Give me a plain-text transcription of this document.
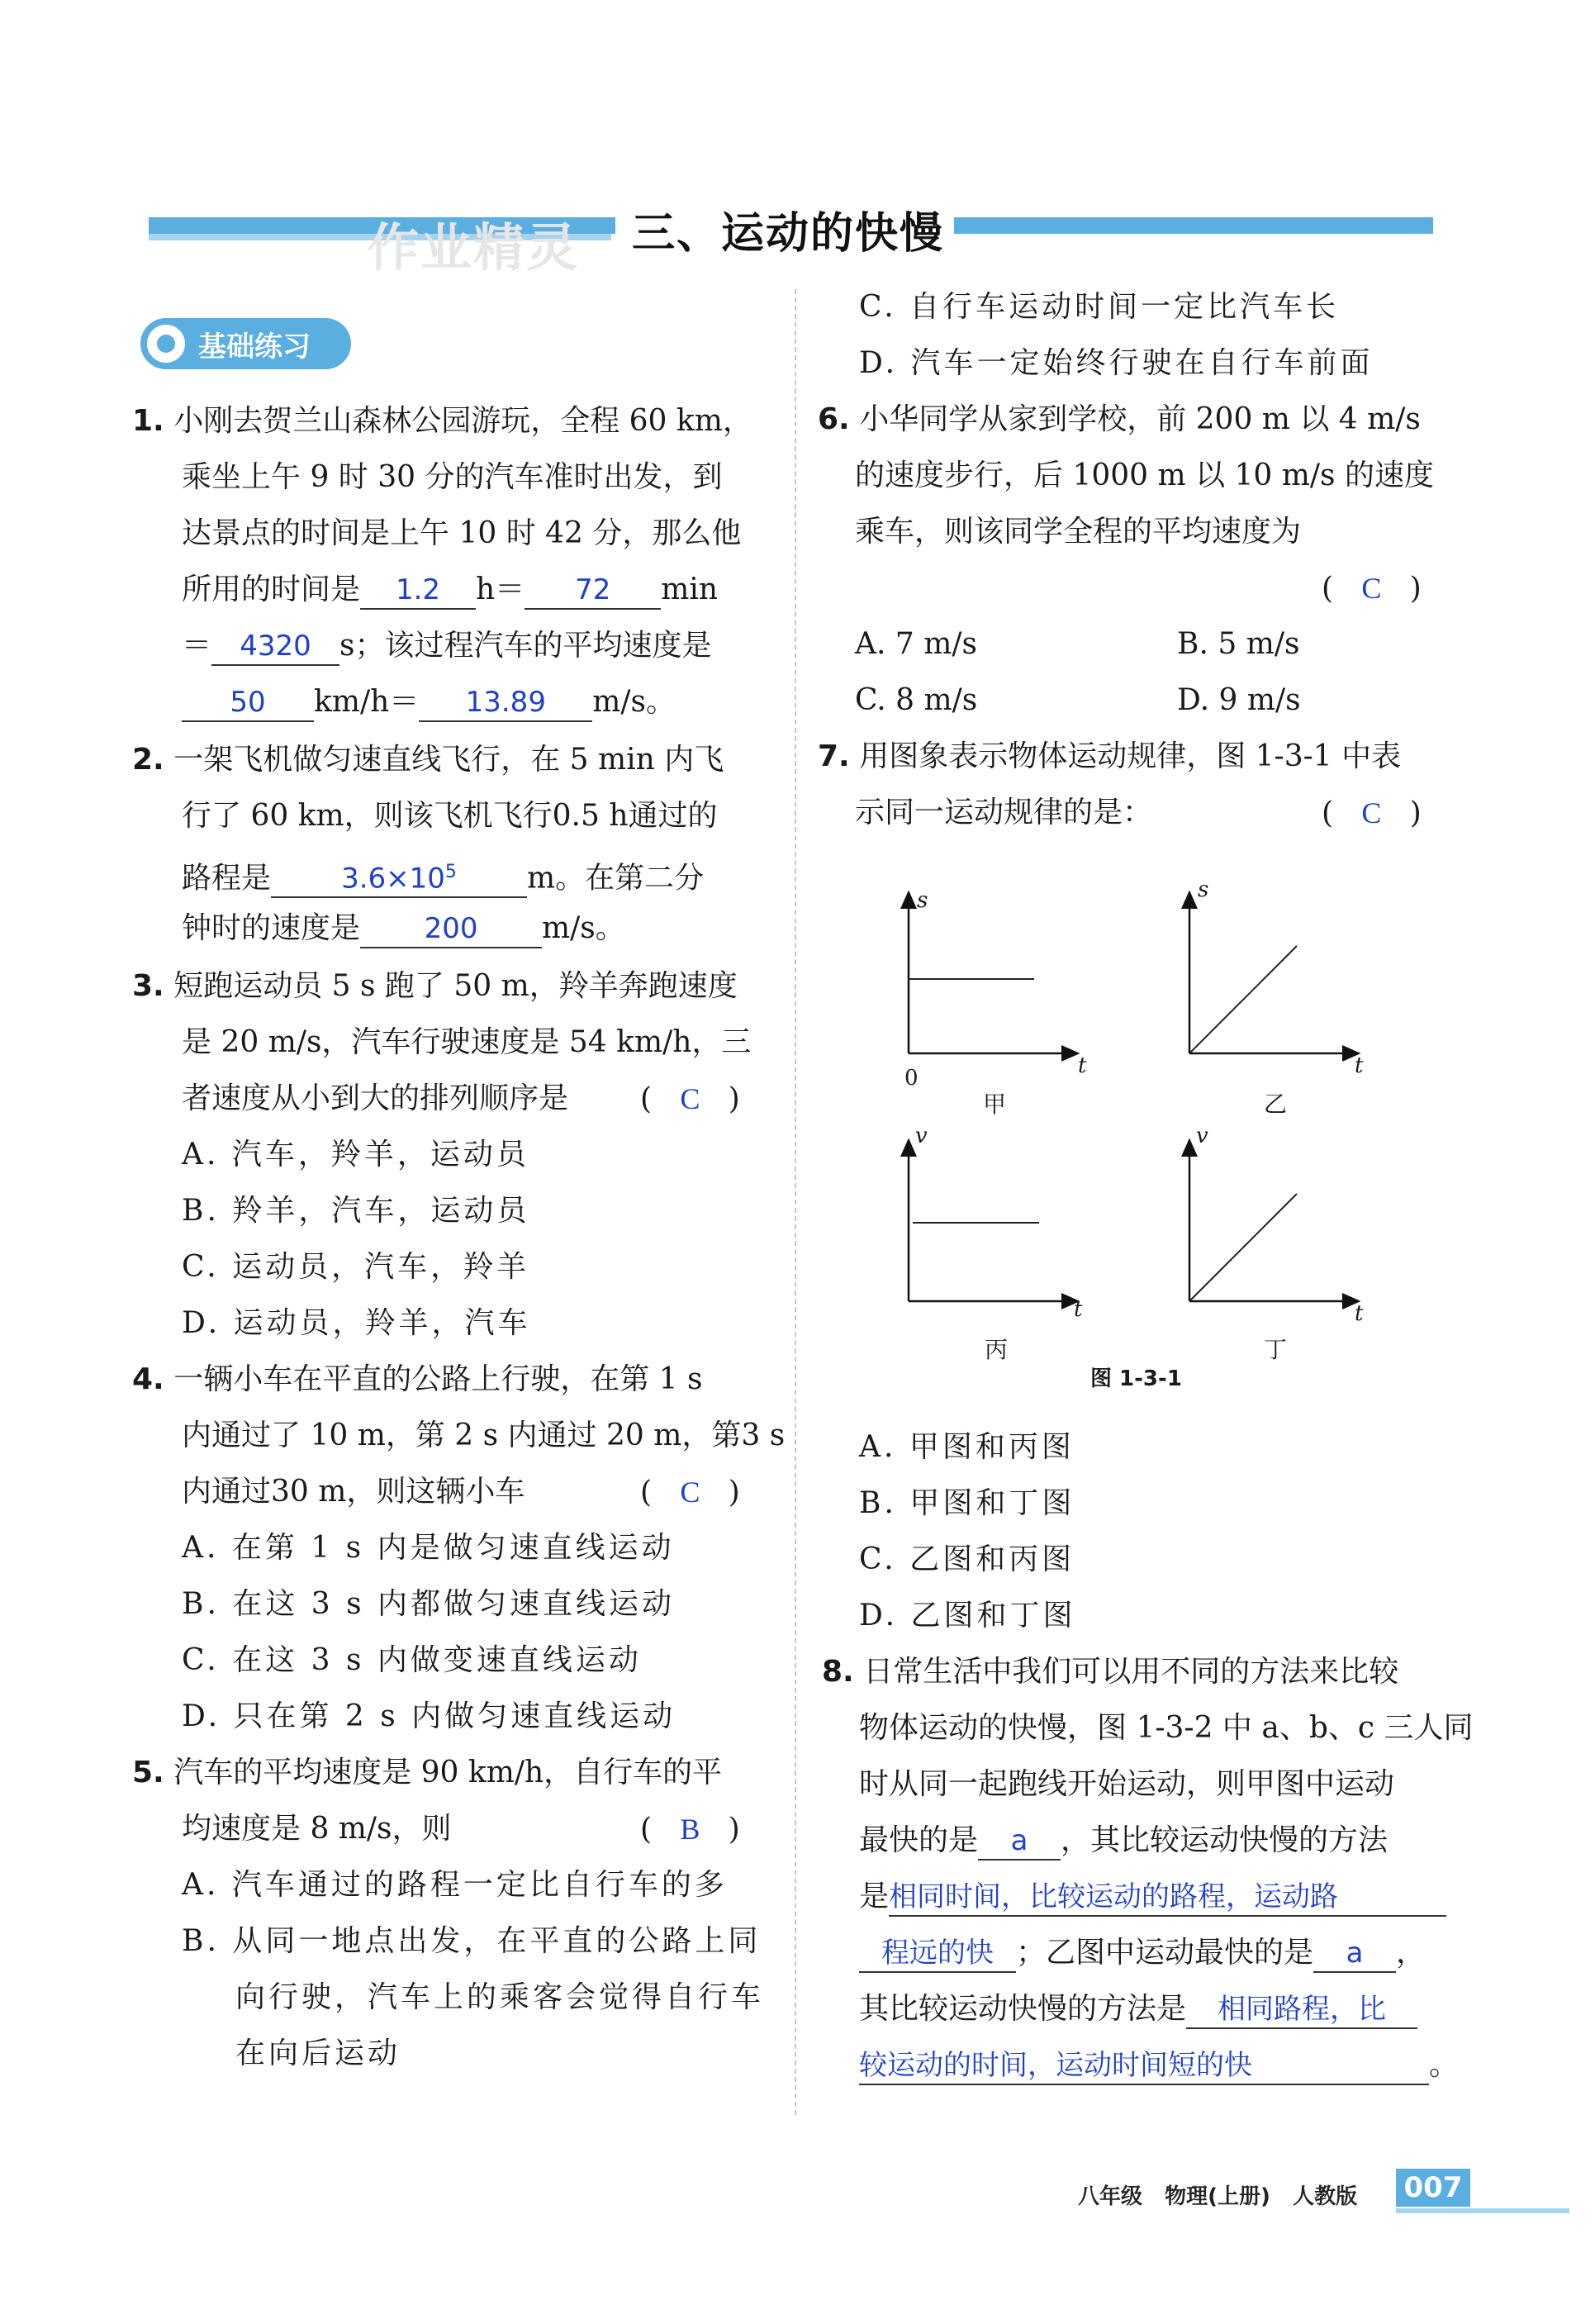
作业精灵 三、运动的快慢
基础练习
1. 小刚去贺兰山森林公园游玩，全程 60 km，
乘坐上午 9 时 30 分的汽车准时出发，到
达景点的时间是上午 10 时 42 分，那么他
所用的时间是 1.2 h＝ 72 min
＝ 4320 s；该过程汽车的平均速度是
50 km/h＝ 13.89 m/s。
2. 一架飞机做匀速直线飞行，在 5 min 内飞
行了 60 km，则该飞机飞行0.5 h通过的
路程是	$3.6\times 10^5$ m。在第二分
钟时的速度是 200 m/s。
3. 短跑运动员 5 s 跑了 50 m，羚羊奔跑速度
是 20 m/s，汽车行驶速度是 54 km/h，三
者速度从小到大的排列顺序是 (   C   )
A. 汽车，羚羊，运动员
B. 羚羊，汽车，运动员
C. 运动员，汽车，羚羊
D. 运动员，羚羊，汽车
4. 一辆小车在平直的公路上行驶，在第 1 s
内通过了 10 m，第 2 s 内通过 20 m，第3 s
内通过30 m，则这辆小车	(   C   )
A. 在第 1 s 内是做匀速直线运动
B. 在这 3 s 内都做匀速直线运动
C. 在这 3 s 内做变速直线运动
D. 只在第 2 s 内做匀速直线运动
5. 汽车的平均速度是 90 km/h，自行车的平
均速度是 8 m/s，则	(   B   )
A. 汽车通过的路程一定比自行车的多
B. 从同一地点出发，在平直的公路上同
向行驶，汽车上的乘客会觉得自行车
在向后运动
C. 自行车运动时间一定比汽车长
D. 汽车一定始终行驶在自行车前面
6. 小华同学从家到学校，前 200 m 以 4 m/s
的速度步行，后 1000 m 以 10 m/s 的速度
乘车，则该同学全程的平均速度为
(   C   )
A. 7 m/s	B. 5 m/s
C. 8 m/s	D. 9 m/s
7. 用图象表示物体运动规律，图 1-3-1 中表
示同一运动规律的是：	(   C   )
s
t
0
甲
s
t
乙
v
t
丙
v
t
丁
图 1-3-1
A. 甲图和丙图
B. 甲图和丁图
C. 乙图和丙图
D. 乙图和丁图
8. 日常生活中我们可以用不同的方法来比较
物体运动的快慢，图 1-3-2 中 a、b、c 三人同
时从同一起跑线开始运动，则甲图中运动
最快的是 a ，其比较运动快慢的方法
是相同时间，比较运动的路程，运动路
程远的快 ；乙图中运动最快的是 a ，
其比较运动快慢的方法是 相同路程，比
较运动的时间，运动时间短的快	。
八年级 物理(上册) 人教版 007
